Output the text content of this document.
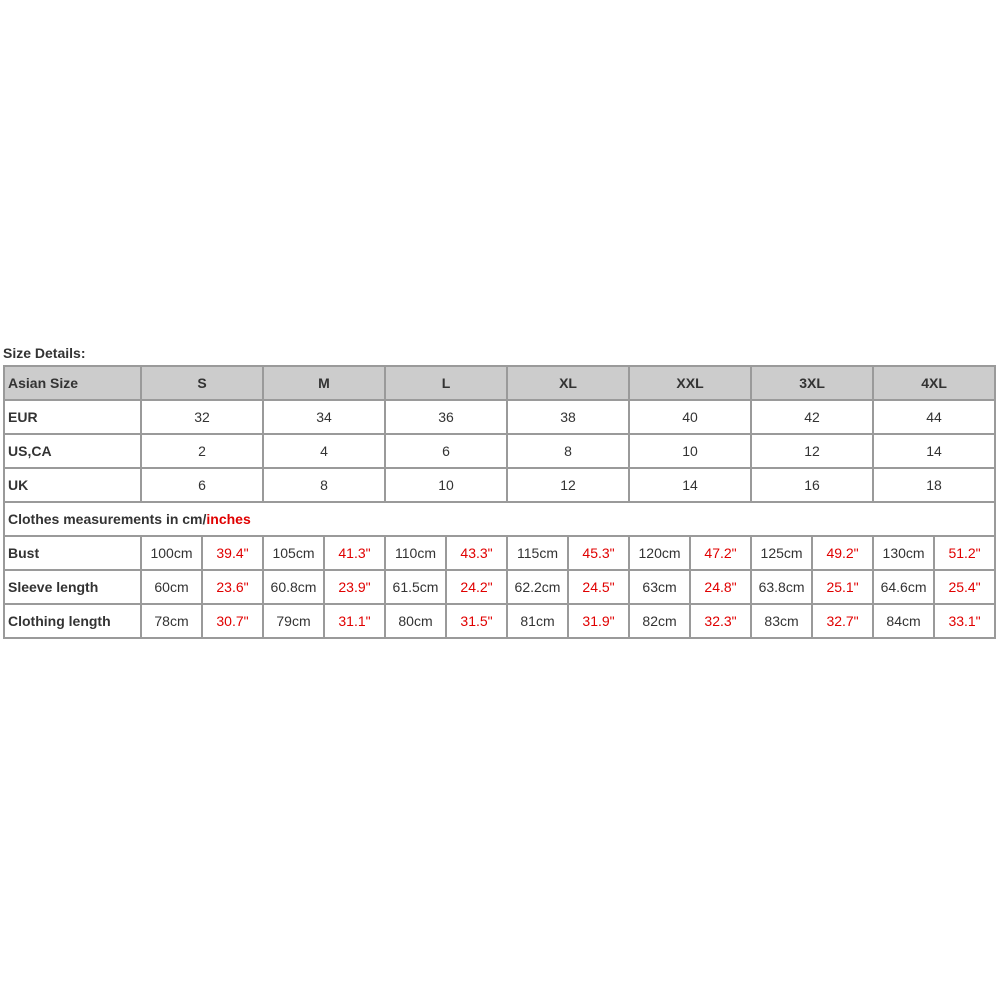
Size Details:
Asian Size	S		M		L		XL		XXL		3XL		4XL	
EUR	32		34		36		38		40		42		44	
US,CA	2		4		6		8		10		12		14	
UK	6		8		10		12		14		16		18	
Clothes measurements in cm/inches														
Bust	100cm	39.4"	105cm	41.3"	110cm	43.3"	115cm	45.3"	120cm	47.2"	125cm	49.2"	130cm	51.2"
Sleeve length	60cm	23.6"	60.8cm	23.9"	61.5cm	24.2"	62.2cm	24.5"	63cm	24.8"	63.8cm	25.1"	64.6cm	25.4"
Clothing length	78cm	30.7"	79cm	31.1"	80cm	31.5"	81cm	31.9"	82cm	32.3"	83cm	32.7"	84cm	33.1"
